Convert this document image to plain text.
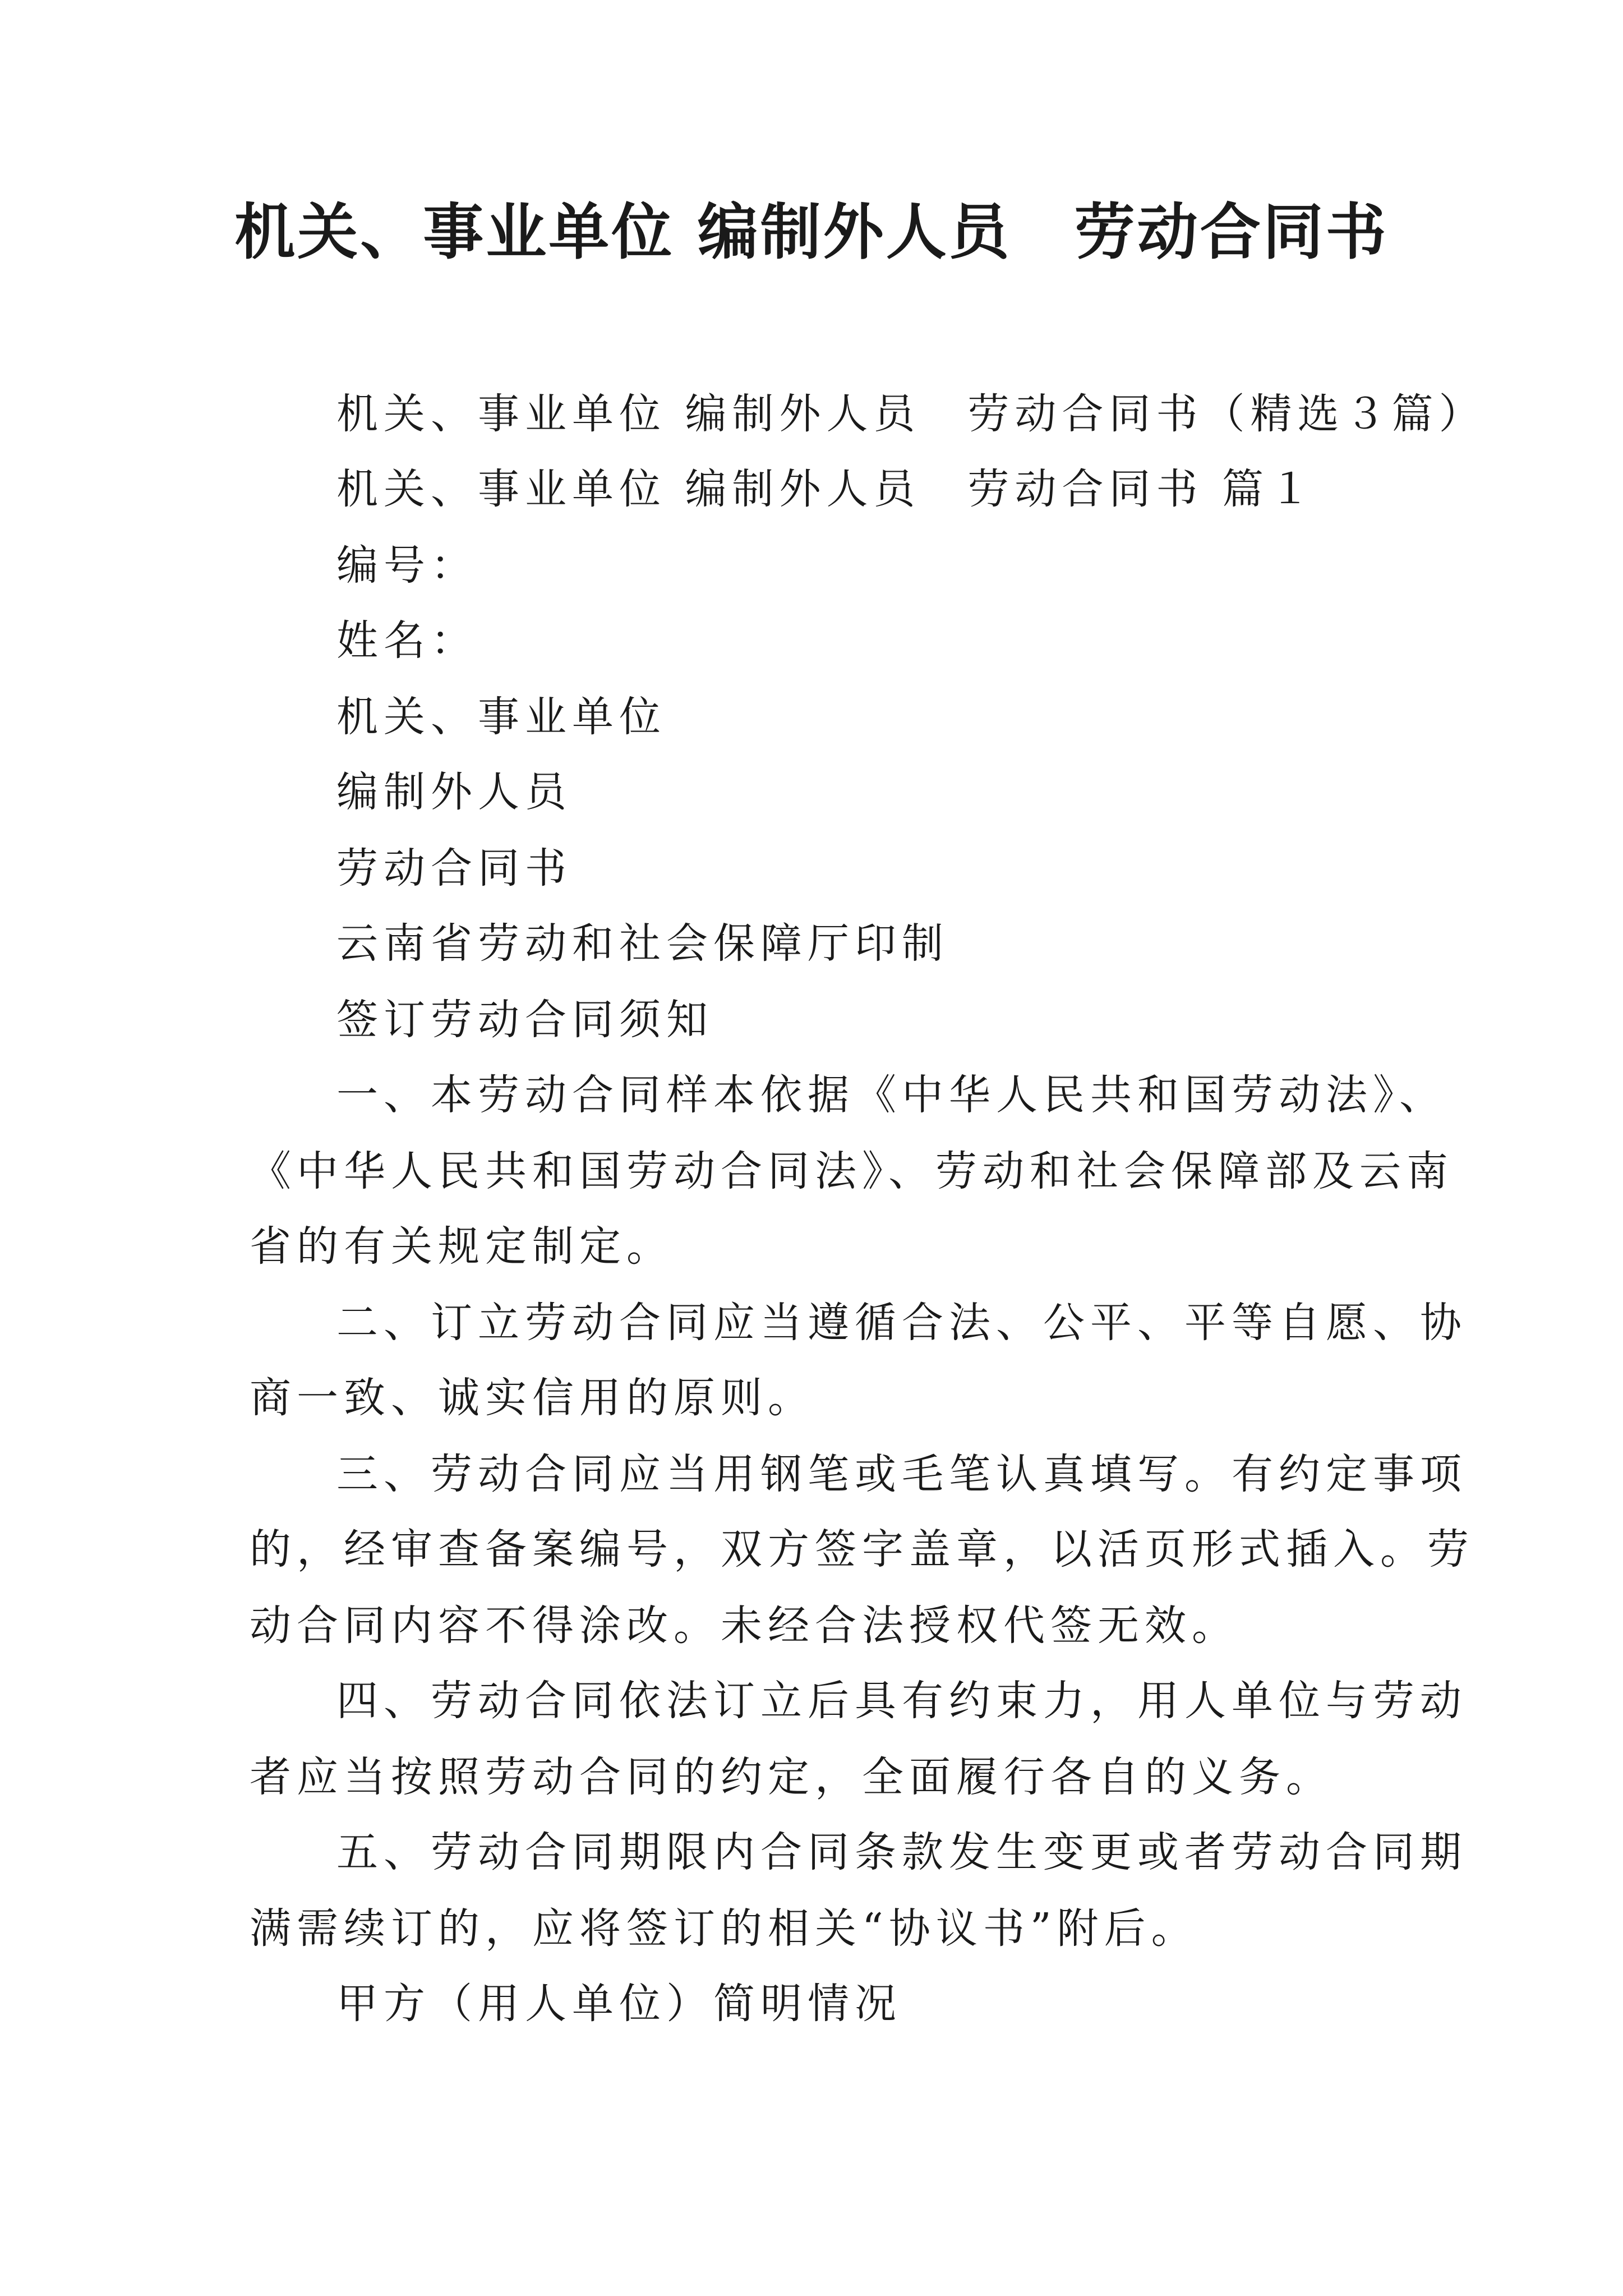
机关、事业单位 编制外人员　劳动合同书

机关、事业单位 编制外人员　劳动合同书（精选３篇）

机关、事业单位 编制外人员　劳动合同书 篇１

编号：

姓名：

机关、事业单位

编制外人员

劳动合同书

云南省劳动和社会保障厅印制

签订劳动合同须知

一、本劳动合同样本依据《中华人民共和国劳动法》、

《中华人民共和国劳动合同法》、劳动和社会保障部及云南

省的有关规定制定。

二、订立劳动合同应当遵循合法、公平、平等自愿、协

商一致、诚实信用的原则。

三、劳动合同应当用钢笔或毛笔认真填写。有约定事项

的，经审查备案编号，双方签字盖章，以活页形式插入。劳

动合同内容不得涂改。未经合法授权代签无效。

四、劳动合同依法订立后具有约束力，用人单位与劳动

者应当按照劳动合同的约定，全面履行各自的义务。

五、劳动合同期限内合同条款发生变更或者劳动合同期

满需续订的，应将签订的相关“协议书”附后。

甲方（用人单位）简明情况
